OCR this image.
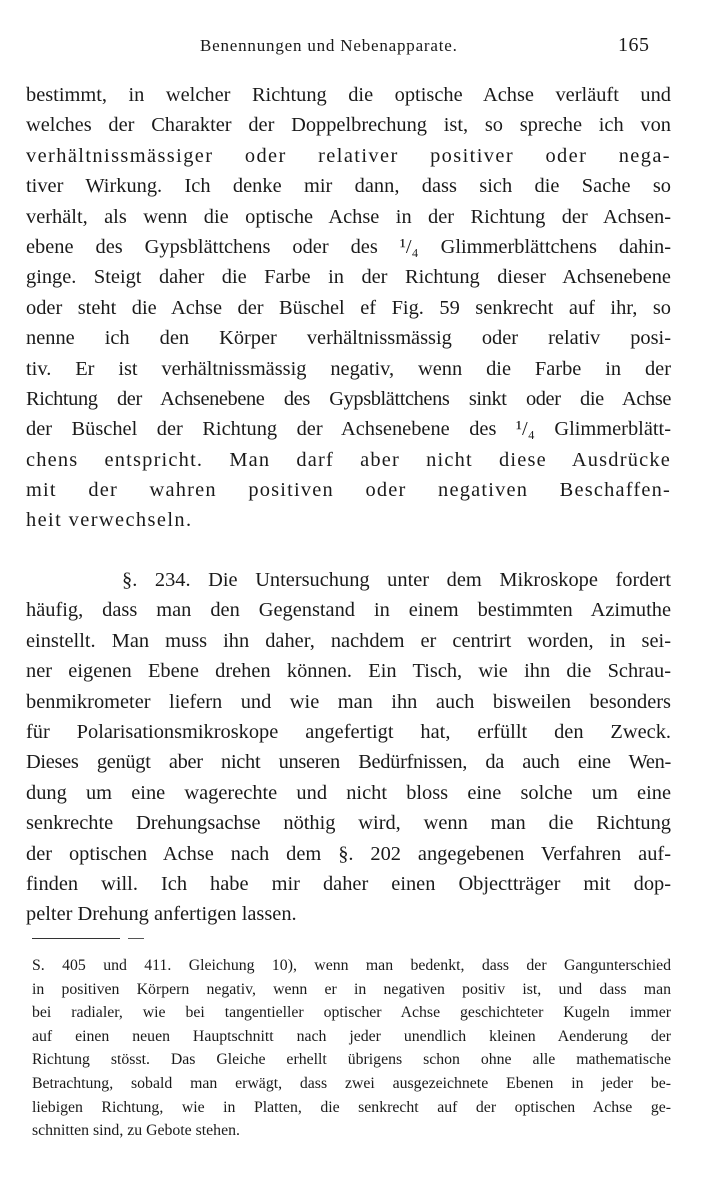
Benennungen und Nebenapparate.	165
bestimmt, in welcher Richtung die optische Achse verläuft und
welches der Charakter der Doppelbrechung ist, so spreche ich von
verhältnissmässiger oder relativer positiver oder nega-
tiver Wirkung. Ich denke mir dann, dass sich die Sache so
verhält, als wenn die optische Achse in der Richtung der Achsen-
ebene des Gypsblättchens oder des ¹/₄ Glimmerblättchens dahin-
ginge. Steigt daher die Farbe in der Richtung dieser Achsenebene
oder steht die Achse der Büschel ef Fig. 59 senkrecht auf ihr, so
nenne ich den Körper verhältnissmässig oder relativ posi-
tiv. Er ist verhältnissmässig negativ, wenn die Farbe in der
Richtung der Achsenebene des Gypsblättchens sinkt oder die Achse
der Büschel der Richtung der Achsenebene des ¹/₄ Glimmerblätt-
chens entspricht. Man darf aber nicht diese Ausdrücke
mit der wahren positiven oder negativen Beschaffen-
heit verwechseln.
§. 234. Die Untersuchung unter dem Mikroskope fordert
häufig, dass man den Gegenstand in einem bestimmten Azimuthe
einstellt. Man muss ihn daher, nachdem er centrirt worden, in sei-
ner eigenen Ebene drehen können. Ein Tisch, wie ihn die Schrau-
benmikrometer liefern und wie man ihn auch bisweilen besonders
für Polarisationsmikroskope angefertigt hat, erfüllt den Zweck.
Dieses genügt aber nicht unseren Bedürfnissen, da auch eine Wen-
dung um eine wagerechte und nicht bloss eine solche um eine
senkrechte Drehungsachse nöthig wird, wenn man die Richtung
der optischen Achse nach dem §. 202 angegebenen Verfahren auf-
finden will. Ich habe mir daher einen Objectträger mit dop-
pelter Drehung anfertigen lassen.
S. 405 und 411. Gleichung 10), wenn man bedenkt, dass der Gangunterschied
in positiven Körpern negativ, wenn er in negativen positiv ist, und dass man
bei radialer, wie bei tangentieller optischer Achse geschichteter Kugeln immer
auf einen neuen Hauptschnitt nach jeder unendlich kleinen Aenderung der
Richtung stösst. Das Gleiche erhellt übrigens schon ohne alle mathematische
Betrachtung, sobald man erwägt, dass zwei ausgezeichnete Ebenen in jeder be-
liebigen Richtung, wie in Platten, die senkrecht auf der optischen Achse ge-
schnitten sind, zu Gebote stehen.
